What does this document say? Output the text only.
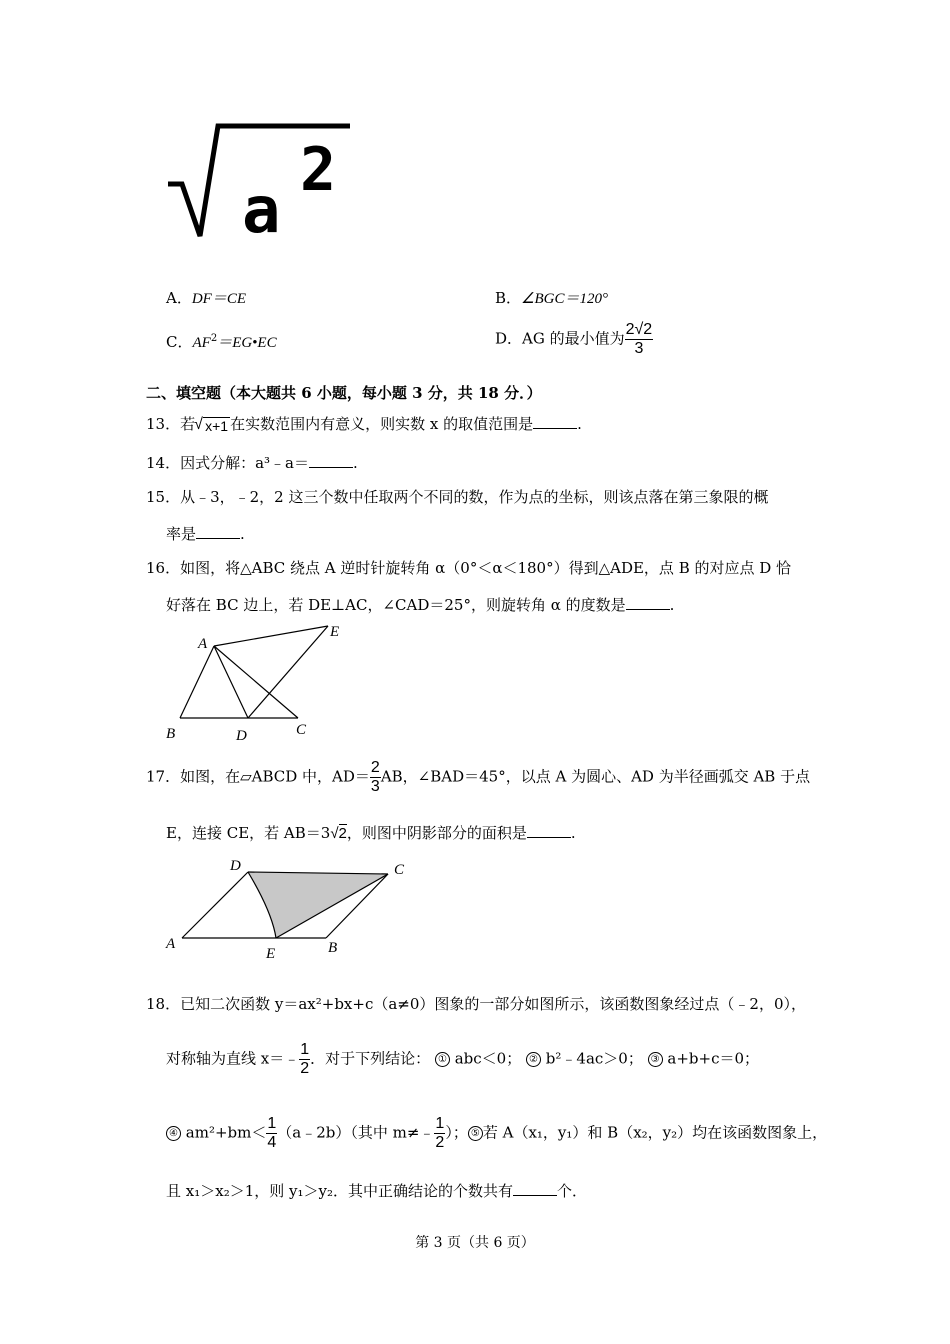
2
a
A．DF＝CE	B．∠BGC＝120°
C．$AF^2=EG•EC$	D．AG 的最小值为 $\frac{2√2}{3}$
二、填空题（本大题共 6 小题，每小题 3 分，共 18 分．）
13．若 √ x+1 在实数范围内有意义，则实数 x 的取值范围是	.
14．因式分解：a³﹣a＝	.
15．从﹣3，﹣2，2 这三个数中任取两个不同的数，作为点的坐标，则该点落在第三象限的概
率是	.
16．如图，将△ABC 绕点 A 逆时针旋转角 α（0°＜α＜180°）得到△ADE，点 B 的对应点 D 恰
好落在 BC 边上，若 DE⊥AC，∠CAD＝25°，则旋转角 α 的度数是	.
A
B	D	C
E
17．如图，在▱ABCD 中，$AD= \frac{2}{3}$ AB，∠BAD＝45°，以点 A 为圆心、AD 为半径画弧交 AB 于点
E，连接 CE，若 AB＝3√2，则图中阴影部分的面积是	.
A
D	C
B
E
18．已知二次函数 y＝ax²+bx+c（a≠0）图象的一部分如图所示，该函数图象经过点（﹣2，0），
对称轴为直线 x＝﹣ $\frac{1}{2}$ ．对于下列结论： ① abc＜0； ② b²﹣4ac＞0； ③ a+b+c＝0；
④ $am^2+bm< \frac{1}{4}$ （a﹣2b）（其中 m≠﹣ $\frac{1}{2}$ ）； ⑤ 若 A（x₁，y₁）和 B（x₂，y₂）均在该函数图象上，
且 x₁＞x₂＞1，则 y₁＞y₂．其中正确结论的个数共有	个．
第 3 页（共 6 页）
